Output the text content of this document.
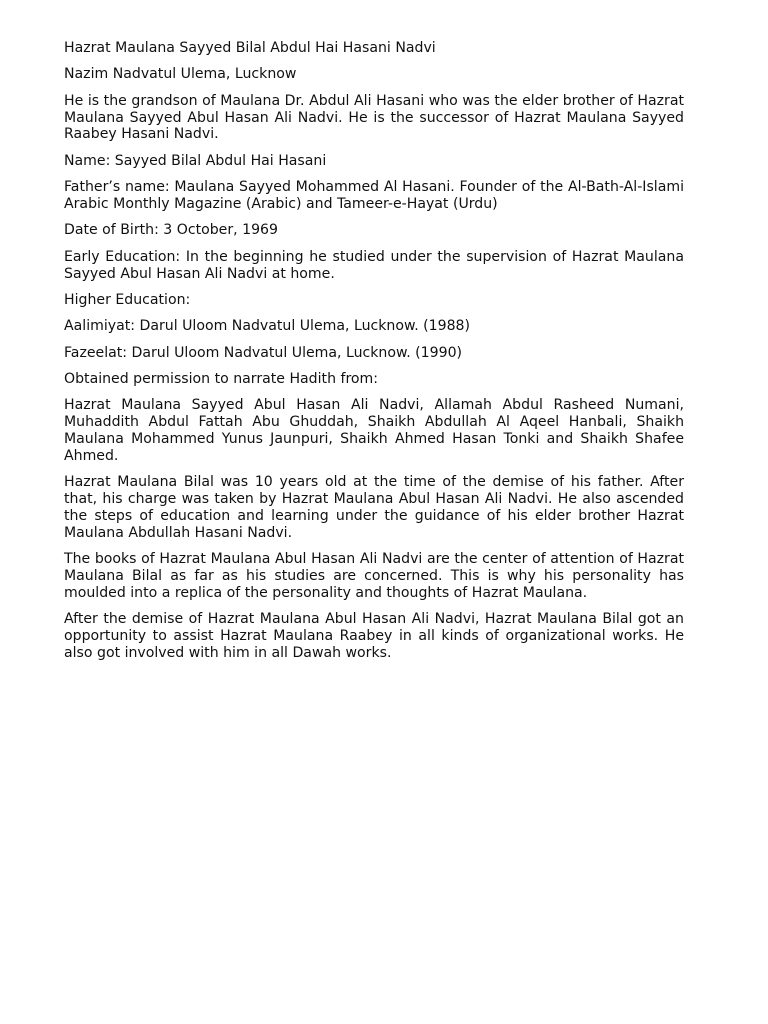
Hazrat Maulana Sayyed Bilal Abdul Hai Hasani Nadvi

Nazim Nadvatul Ulema, Lucknow

He is the grandson of Maulana Dr. Abdul Ali Hasani who was the elder brother of Hazrat Maulana Sayyed Abul Hasan Ali Nadvi. He is the successor of Hazrat Maulana Sayyed Raabey Hasani Nadvi.

Name: Sayyed Bilal Abdul Hai Hasani

Father’s name: Maulana Sayyed Mohammed Al Hasani. Founder of the Al-Bath-Al-Islami Arabic Monthly Magazine (Arabic) and Tameer-e-Hayat (Urdu)

Date of Birth: 3 October, 1969

Early Education: In the beginning he studied under the supervision of Hazrat Maulana Sayyed Abul Hasan Ali Nadvi at home.

Higher Education:

Aalimiyat: Darul Uloom Nadvatul Ulema, Lucknow. (1988)

Fazeelat: Darul Uloom Nadvatul Ulema, Lucknow. (1990)

Obtained permission to narrate Hadith from:

Hazrat Maulana Sayyed Abul Hasan Ali Nadvi, Allamah Abdul Rasheed Numani, Muhaddith Abdul Fattah Abu Ghuddah, Shaikh Abdullah Al Aqeel Hanbali, Shaikh Maulana Mohammed Yunus Jaunpuri, Shaikh Ahmed Hasan Tonki and Shaikh Shafee Ahmed.

Hazrat Maulana Bilal was 10 years old at the time of the demise of his father. After that, his charge was taken by Hazrat Maulana Abul Hasan Ali Nadvi. He also ascended the steps of education and learning under the guidance of his elder brother Hazrat Maulana Abdullah Hasani Nadvi.

The books of Hazrat Maulana Abul Hasan Ali Nadvi are the center of attention of Hazrat Maulana Bilal as far as his studies are concerned. This is why his personality has moulded into a replica of the personality and thoughts of Hazrat Maulana.

After the demise of Hazrat Maulana Abul Hasan Ali Nadvi, Hazrat Maulana Bilal got an opportunity to assist Hazrat Maulana Raabey in all kinds of organizational works. He also got involved with him in all Dawah works.
